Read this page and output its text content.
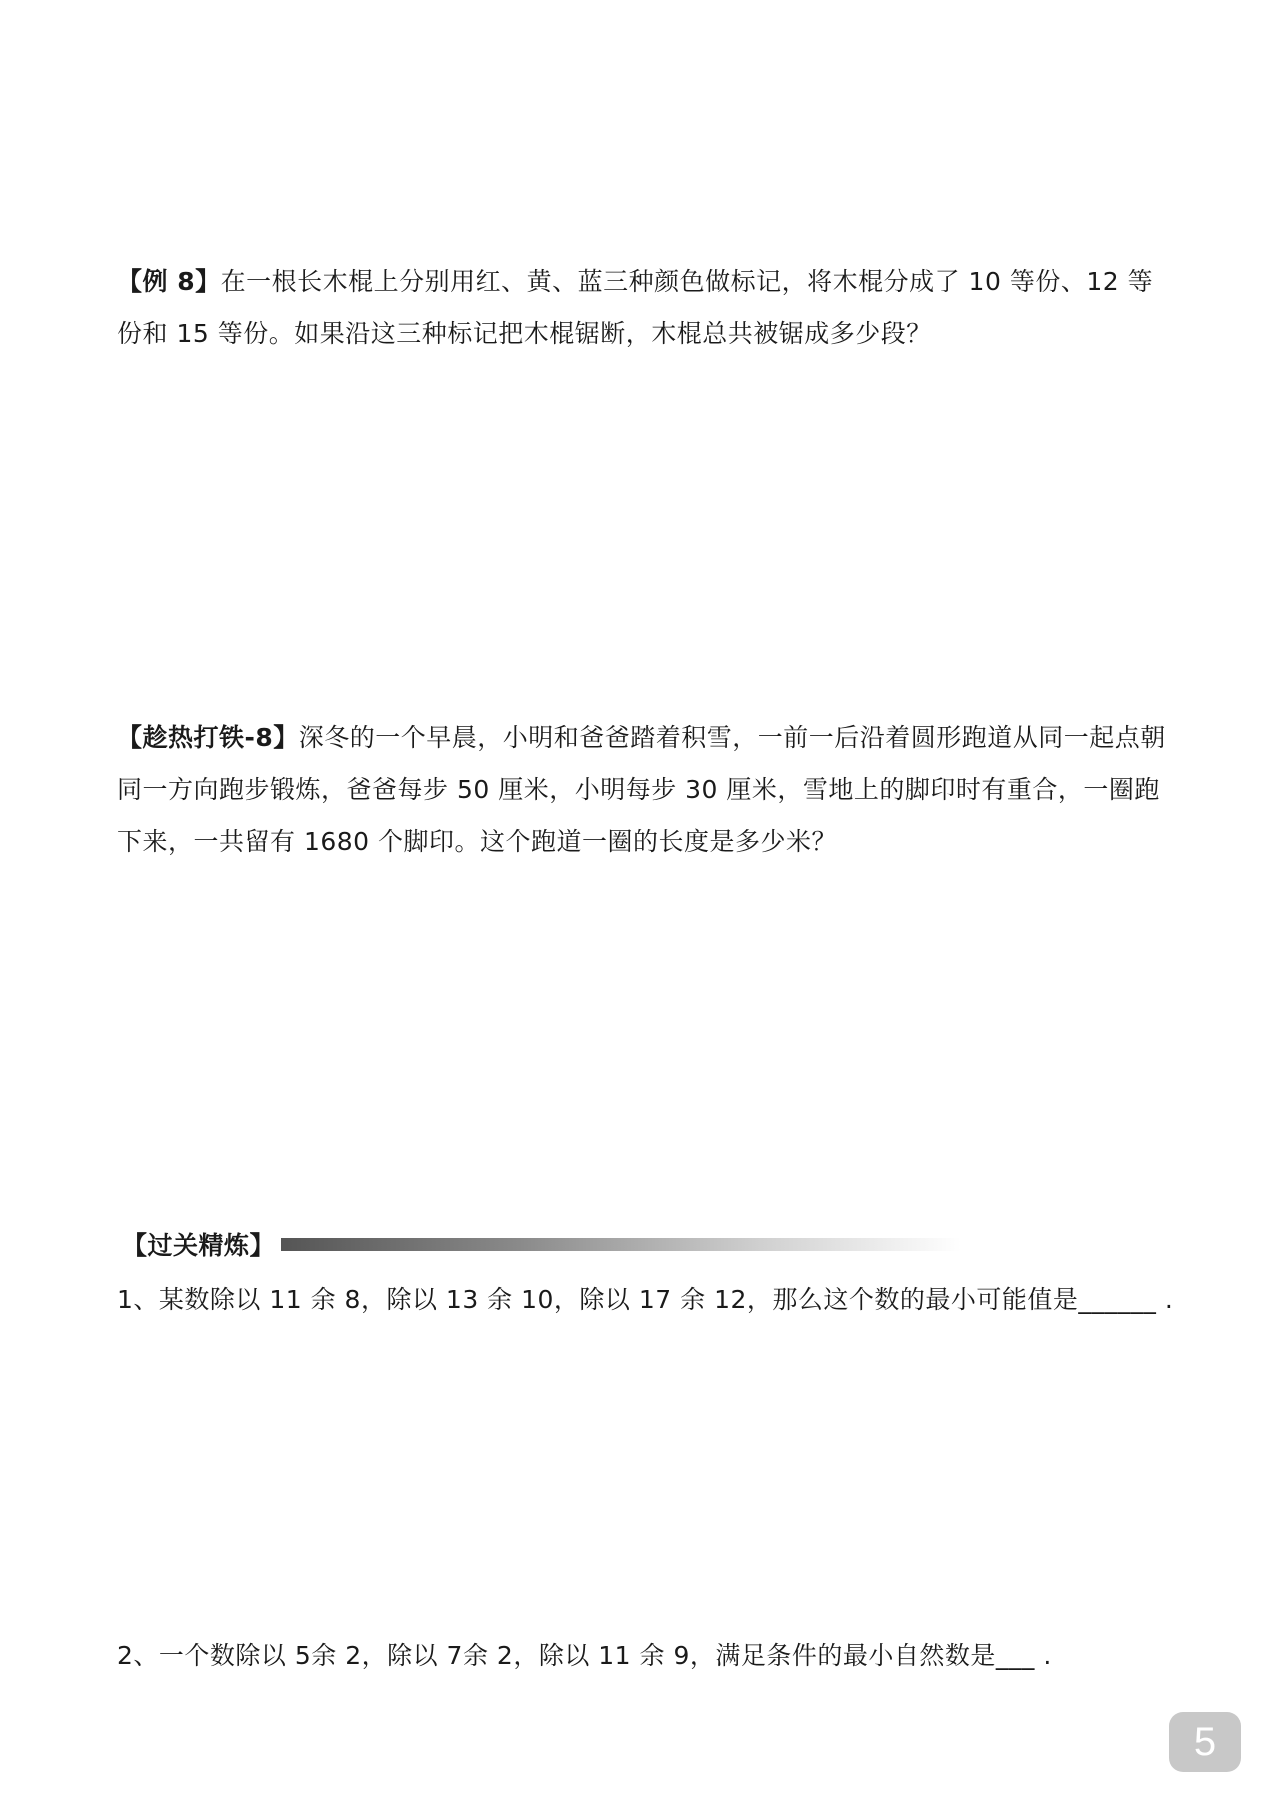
【例 8】在一根长木棍上分别用红、黄、蓝三种颜色做标记，将木棍分成了 10 等份、12 等份和 15 等份。如果沿这三种标记把木棍锯断，木棍总共被锯成多少段？
【趁热打铁-8】深冬的一个早晨，小明和爸爸踏着积雪，一前一后沿着圆形跑道从同一起点朝同一方向跑步锻炼，爸爸每步 50 厘米，小明每步 30 厘米，雪地上的脚印时有重合，一圈跑下来，一共留有 1680 个脚印。这个跑道一圈的长度是多少米？
【过关精炼】
1、某数除以 11 余 8，除以 13 余 10，除以 17 余 12，那么这个数的最小可能值是______ .
2、一个数除以 5余 2，除以 7余 2，除以 11 余 9，满足条件的最小自然数是___ .
5
